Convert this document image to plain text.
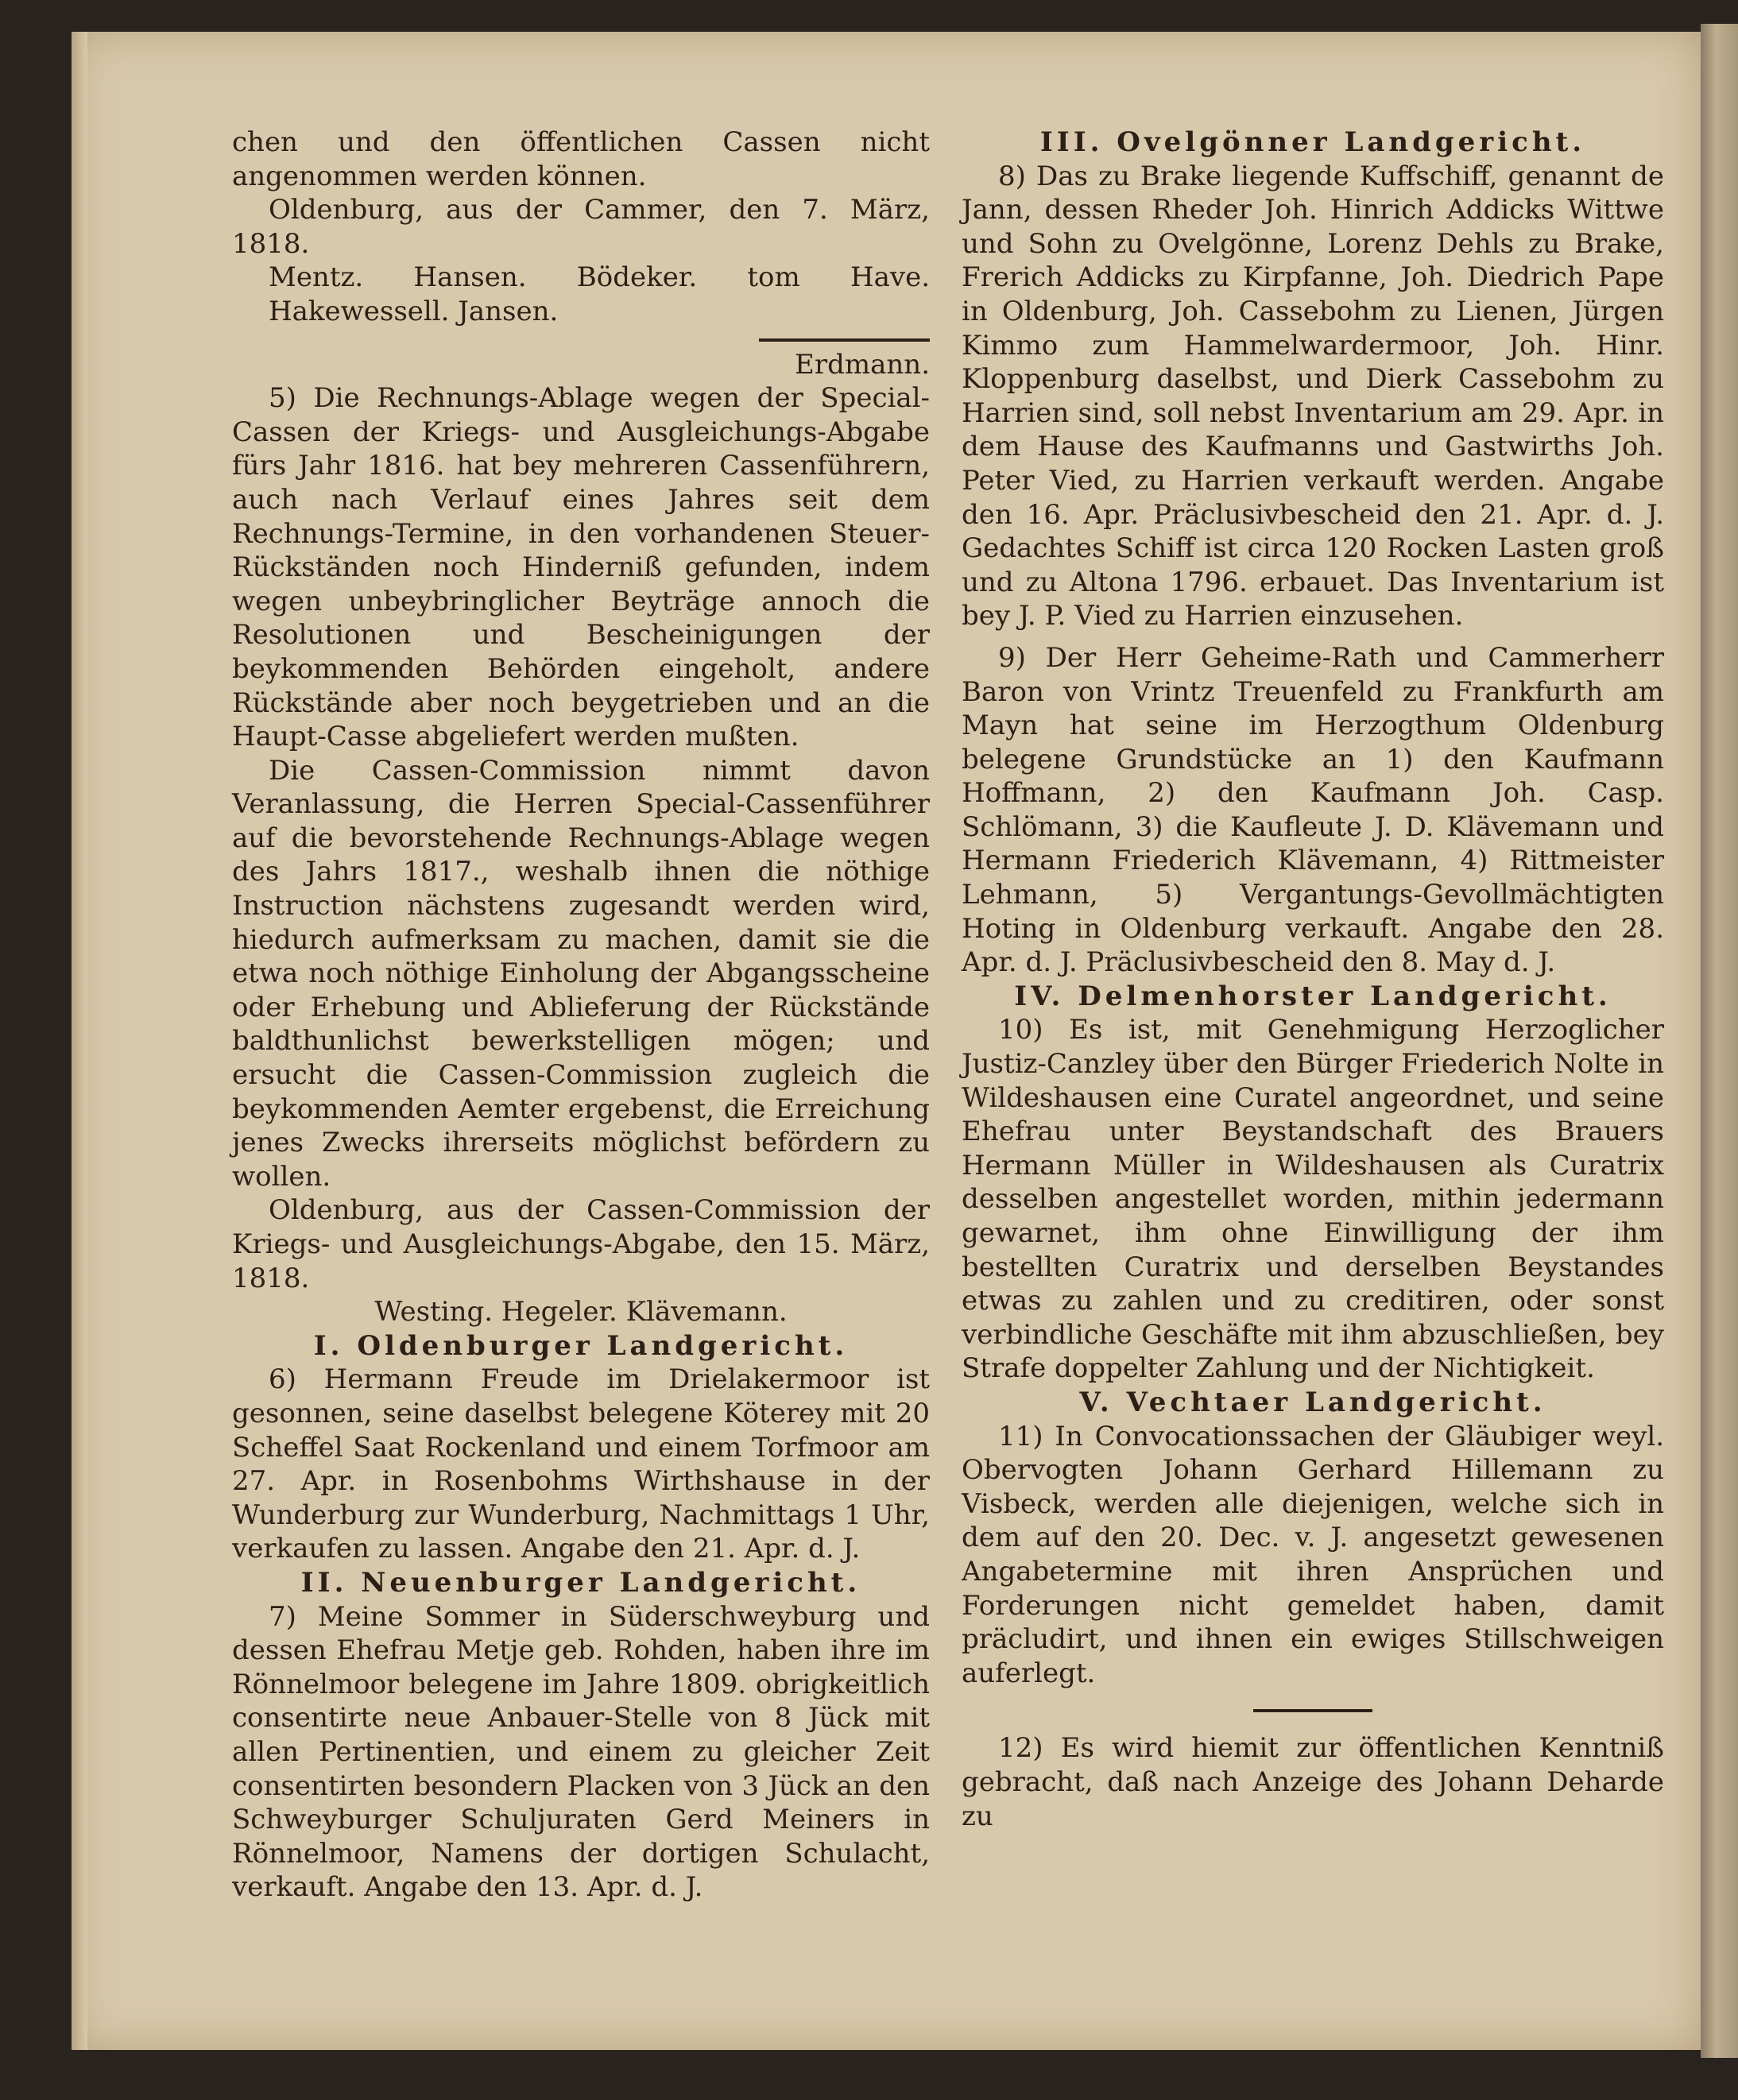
chen und den öffentlichen Cassen nicht angenommen werden können.

Oldenburg, aus der Cammer, den 7. März, 1818.

Mentz. Hansen. Bödeker. tom Have. Hakewessell. Jansen.

Erdmann.

5) Die Rechnungs-Ablage wegen der Special-Cassen der Kriegs- und Ausgleichungs-Abgabe fürs Jahr 1816. hat bey mehreren Cassenführern, auch nach Verlauf eines Jahres seit dem Rechnungs-Termine, in den vorhandenen Steuer-Rückständen noch Hinderniß gefunden, indem wegen unbeybringlicher Beyträge annoch die Resolutionen und Bescheinigungen der beykommenden Behörden eingeholt, andere Rückstände aber noch beygetrieben und an die Haupt-Casse abgeliefert werden mußten.

Die Cassen-Commission nimmt davon Veranlassung, die Herren Special-Cassenführer auf die bevorstehende Rechnungs-Ablage wegen des Jahrs 1817., weshalb ihnen die nöthige Instruction nächstens zugesandt werden wird, hiedurch aufmerksam zu machen, damit sie die etwa noch nöthige Einholung der Abgangsscheine oder Erhebung und Ablieferung der Rückstände baldthunlichst bewerkstelligen mögen; und ersucht die Cassen-Commission zugleich die beykommenden Aemter ergebenst, die Erreichung jenes Zwecks ihrerseits möglichst befördern zu wollen.

Oldenburg, aus der Cassen-Commission der Kriegs- und Ausgleichungs-Abgabe, den 15. März, 1818.

Westing. Hegeler. Klävemann.

I. Oldenburger Landgericht.

6) Hermann Freude im Drielakermoor ist gesonnen, seine daselbst belegene Köterey mit 20 Scheffel Saat Rockenland und einem Torfmoor am 27. Apr. in Rosenbohms Wirthshause in der Wunderburg zur Wunderburg, Nachmittags 1 Uhr, verkaufen zu lassen. Angabe den 21. Apr. d. J.

II. Neuenburger Landgericht.

7) Meine Sommer in Süderschweyburg und dessen Ehefrau Metje geb. Rohden, haben ihre im Rönnelmoor belegene im Jahre 1809. obrigkeitlich consentirte neue Anbauer-Stelle von 8 Jück mit allen Pertinentien, und einem zu gleicher Zeit consentirten besondern Placken von 3 Jück an den Schweyburger Schuljuraten Gerd Meiners in Rönnelmoor, Namens der dortigen Schulacht, verkauft. Angabe den 13. Apr. d. J.

III. Ovelgönner Landgericht.

8) Das zu Brake liegende Kuffschiff, genannt de Jann, dessen Rheder Joh. Hinrich Addicks Wittwe und Sohn zu Ovelgönne, Lorenz Dehls zu Brake, Frerich Addicks zu Kirpfanne, Joh. Diedrich Pape in Oldenburg, Joh. Cassebohm zu Lienen, Jürgen Kimmo zum Hammelwardermoor, Joh. Hinr. Kloppenburg daselbst, und Dierk Cassebohm zu Harrien sind, soll nebst Inventarium am 29. Apr. in dem Hause des Kaufmanns und Gastwirths Joh. Peter Vied, zu Harrien verkauft werden. Angabe den 16. Apr. Präclusivbescheid den 21. Apr. d. J. Gedachtes Schiff ist circa 120 Rocken Lasten groß und zu Altona 1796. erbauet. Das Inventarium ist bey J. P. Vied zu Harrien einzusehen.

9) Der Herr Geheime-Rath und Cammerherr Baron von Vrintz Treuenfeld zu Frankfurth am Mayn hat seine im Herzogthum Oldenburg belegene Grundstücke an 1) den Kaufmann Hoffmann, 2) den Kaufmann Joh. Casp. Schlömann, 3) die Kaufleute J. D. Klävemann und Hermann Friederich Klävemann, 4) Rittmeister Lehmann, 5) Vergantungs-Gevollmächtigten Hoting in Oldenburg verkauft. Angabe den 28. Apr. d. J. Präclusivbescheid den 8. May d. J.

IV. Delmenhorster Landgericht.

10) Es ist, mit Genehmigung Herzoglicher Justiz-Canzley über den Bürger Friederich Nolte in Wildeshausen eine Curatel angeordnet, und seine Ehefrau unter Beystandschaft des Brauers Hermann Müller in Wildeshausen als Curatrix desselben angestellet worden, mithin jedermann gewarnet, ihm ohne Einwilligung der ihm bestellten Curatrix und derselben Beystandes etwas zu zahlen und zu creditiren, oder sonst verbindliche Geschäfte mit ihm abzuschließen, bey Strafe doppelter Zahlung und der Nichtigkeit.

V. Vechtaer Landgericht.

11) In Convocationssachen der Gläubiger weyl. Obervogten Johann Gerhard Hillemann zu Visbeck, werden alle diejenigen, welche sich in dem auf den 20. Dec. v. J. angesetzt gewesenen Angabetermine mit ihren Ansprüchen und Forderungen nicht gemeldet haben, damit präcludirt, und ihnen ein ewiges Stillschweigen auferlegt.

12) Es wird hiemit zur öffentlichen Kenntniß gebracht, daß nach Anzeige des Johann Deharde zu
